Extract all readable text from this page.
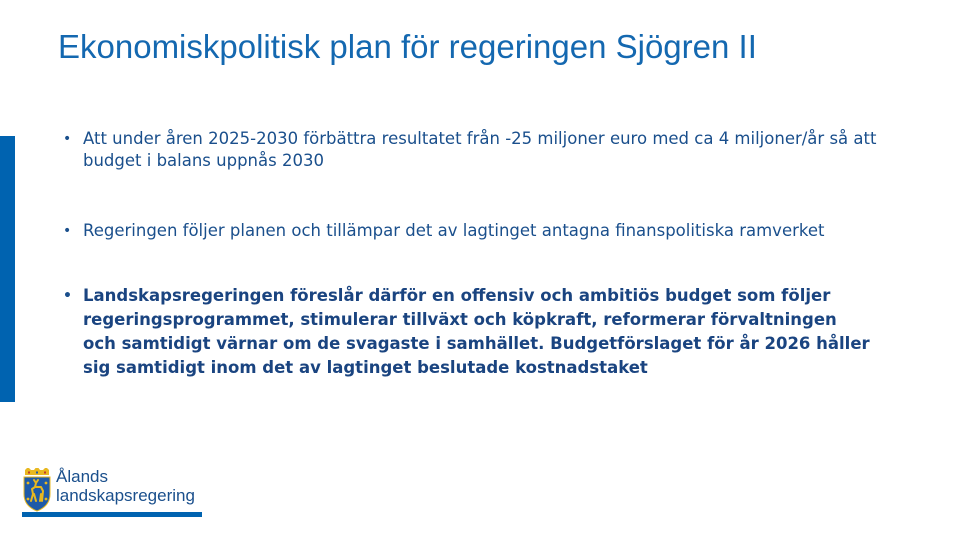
Ekonomiskpolitisk plan för regeringen Sjögren II
• Att under åren 2025-2030 förbättra resultatet från -25 miljoner euro med ca 4 miljoner/år så att budget i balans uppnås 2030
• Regeringen följer planen och tillämpar det av lagtinget antagna finanspolitiska ramverket
• Landskapsregeringen föreslår därför en offensiv och ambitiös budget som följer regeringsprogrammet, stimulerar tillväxt och köpkraft, reformerar förvaltningen och samtidigt värnar om de svagaste i samhället. Budgetförslaget för år 2026 håller sig samtidigt inom det av lagtinget beslutade kostnadstaket
Ålands
landskapsregering
